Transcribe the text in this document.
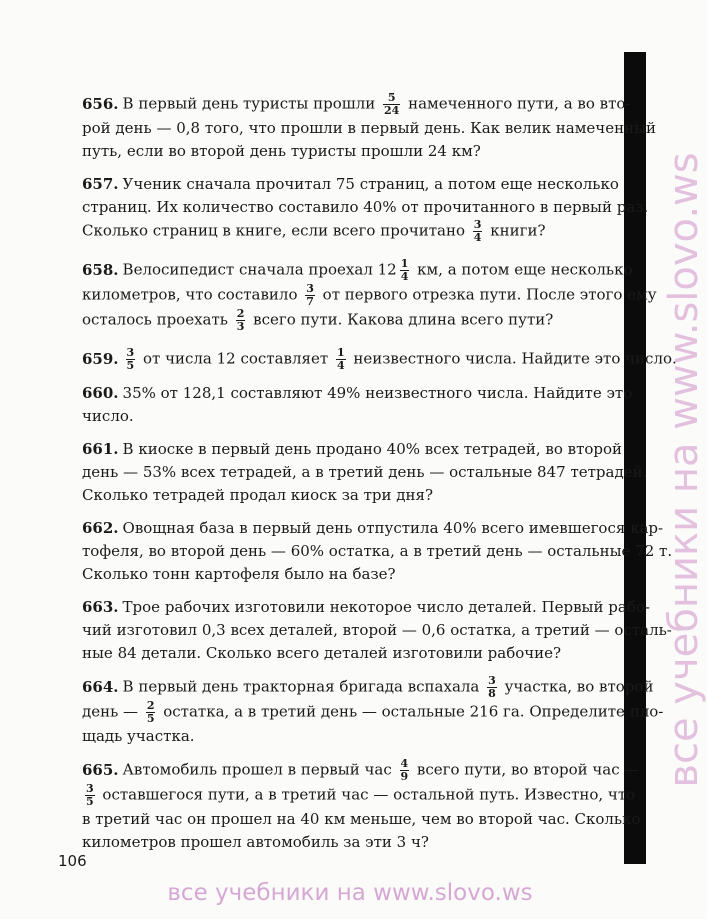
656. В первый день туристы прошли $\frac{5}{24}$ намеченного пути, а во вто-
рой день — 0,8 того, что прошли в первый день. Как велик намеченный
путь, если во второй день туристы прошли 24 км?
657. Ученик сначала прочитал 75 страниц, а потом еще несколько
страниц. Их количество составило 40% от прочитанного в первый раз.
Сколько страниц в книге, если всего прочитано $\frac{3}{4}$ книги?
658. Велосипедист сначала проехал $12 \frac{1}{4}$ км, а потом еще несколько
километров, что составило $\frac{3}{7}$ от первого отрезка пути. После этого ему
осталось проехать $\frac{2}{3}$ всего пути. Какова длина всего пути?
659. $\frac{3}{5}$ от числа 12 составляет $\frac{1}{4}$ неизвестного числа. Найдите это число.
660. 35% от 128,1 составляют 49% неизвестного числа. Найдите это
число.
661. В киоске в первый день продано 40% всех тетрадей, во второй
день — 53% всех тетрадей, а в третий день — остальные 847 тетрадей.
Сколько тетрадей продал киоск за три дня?
662. Овощная база в первый день отпустила 40% всего имевшегося кар-
тофеля, во второй день — 60% остатка, а в третий день — остальные 72 т.
Сколько тонн картофеля было на базе?
663. Трое рабочих изготовили некоторое число деталей. Первый рабо-
чий изготовил 0,3 всех деталей, второй — 0,6 остатка, а третий — осталь-
ные 84 детали. Сколько всего деталей изготовили рабочие?
664. В первый день тракторная бригада вспахала $\frac{3}{8}$ участка, во второй
день — $\frac{2}{5}$ остатка, а в третий день — остальные 216 га. Определите пло-
щадь участка.
665. Автомобиль прошел в первый час $\frac{4}{9}$ всего пути, во второй час —
$\frac{3}{5}$ оставшегося пути, а в третий час — остальной путь. Известно, что
в третий час он прошел на 40 км меньше, чем во второй час. Сколько
километров прошел автомобиль за эти 3 ч?
106
все учебники на www.slovo.ws
все учебники на www.slovo.ws
